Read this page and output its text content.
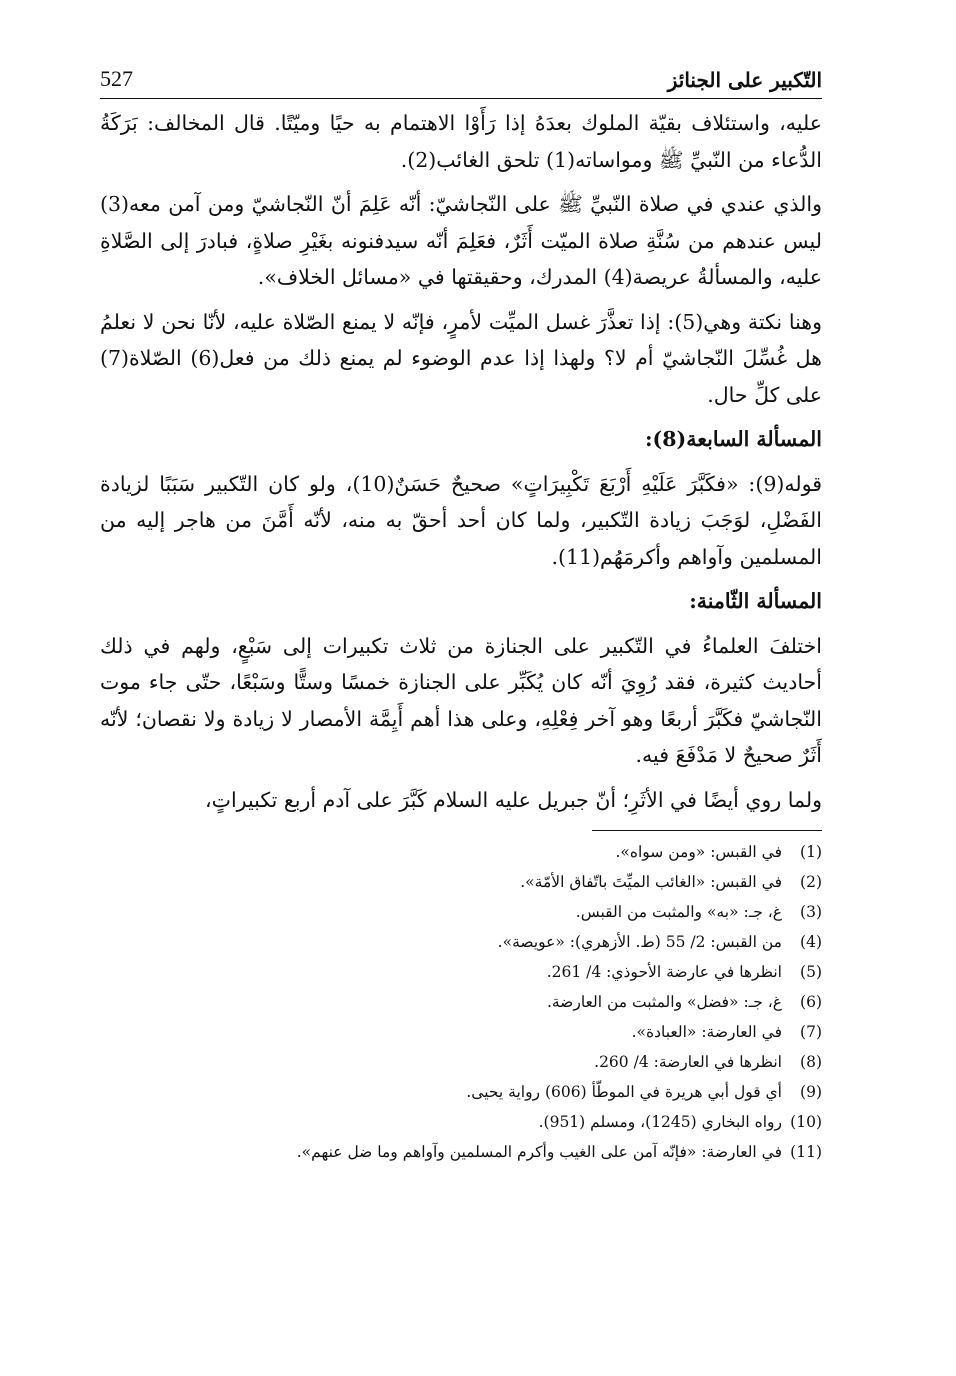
التّكبير على الجنائز
527

عليه، واستئلاف بقيّة الملوك بعدَهُ إذا رَأَوْا الاهتمام به حيًا وميّتًا. قال المخالف: بَرَكَةُ الدُّعاء من النّبيِّ ﷺ ومواساته(1) تلحق الغائب(2).

والذي عندي في صلاة النّبيِّ ﷺ على النّجاشيّ: أنّه عَلِمَ أنّ النّجاشيّ ومن آمن معه(3) ليس عندهم من سُنَّةِ صلاة الميّت أَثَرٌ، فعَلِمَ أنّه سيدفنونه بغَيْرِ صلاةٍ، فبادرَ إلى الصَّلاةِ عليه، والمسألةُ عريصة(4) المدرك، وحقيقتها في «مسائل الخلاف».

وهنا نكتة وهي(5): إذا تعذَّرَ غسل الميِّت لأمرٍ، فإنّه لا يمنع الصّلاة عليه، لأنّا نحن لا نعلمُ هل غُسِّلَ النّجاشيّ أم لا؟ ولهذا إذا عدم الوضوء لم يمنع ذلك من فعل(6) الصّلاة(7) على كلِّ حال.

المسألة السابعة(8):

قوله(9): «فكَبَّرَ عَلَيْهِ أَرْبَعَ تَكْبِيرَاتٍ» صحيحٌ حَسَنٌ(10)، ولو كان التّكبير سَبَبًا لزيادة الفَضْلِ، لوَجَبَ زيادة التّكبير، ولما كان أحد أحقّ به منه، لأنّه أَمَّنَ من هاجر إليه من المسلمين وآواهم وأكرمَهُم(11).

المسألة الثّامنة:

اختلفَ العلماءُ في التّكبير على الجنازة من ثلاث تكبيرات إلى سَبْعٍ، ولهم في ذلك أحاديث كثيرة، فقد رُوِيَ أنّه كان يُكَبِّر على الجنازة خمسًا وستًّا وسَبْعًا، حتّى جاء موت النّجاشيّ فكَبَّرَ أربعًا وهو آخر فِعْلِهِ، وعلى هذا أهم أَيِمَّة الأمصار لا زيادة ولا نقصان؛ لأنّه أَثَرٌ صحيحٌ لا مَدْفَعَ فيه.

ولما روي أيضًا في الأثَرِ؛ أنّ جبريل عليه السلام كَبَّرَ على آدم أربع تكبيراتٍ،

(1)
في القبس: «ومن سواه».
(2)
في القبس: «الغائب الميِّتَ باتّفاق الأمّة».
(3)
غ، جـ: «به» والمثبت من القبس.
(4)
من القبس: 2/ 55 (ط. الأزهري): «عويصة».
(5)
انظرها في عارضة الأحوذي: 4/ 261.
(6)
غ، جـ: «فضل» والمثبت من العارضة.
(7)
في العارضة: «العبادة».
(8)
انظرها في العارضة: 4/ 260.
(9)
أي قول أبي هريرة في الموطّأ (606) رواية يحيى.
(10)
رواه البخاري (1245)، ومسلم (951).
(11)
في العارضة: «فإنّه آمن على الغيب وأكرم المسلمين وآواهم وما ضل عنهم».
